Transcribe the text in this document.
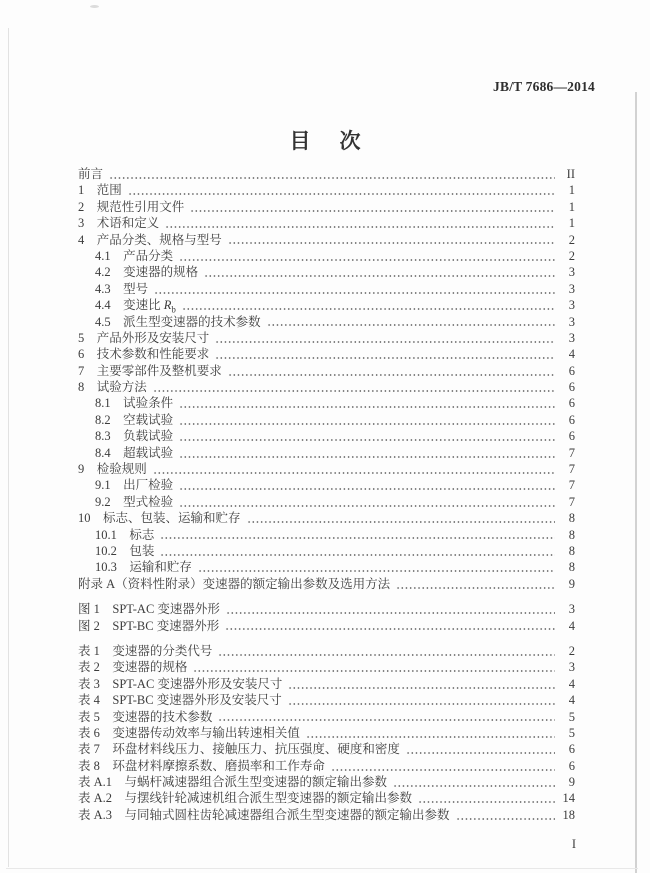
JB/T 7686—2014
目　次
前言	II
1　范围	1
2　规范性引用文件	1
3　术语和定义	1
4　产品分类、规格与型号	2
4.1　产品分类	2
4.2　变速器的规格	3
4.3　型号	3
4.4　变速比 $R_b$	3
4.5　派生型变速器的技术参数	3
5　产品外形及安装尺寸	3
6　技术参数和性能要求	4
7　主要零部件及整机要求	6
8　试验方法	6
8.1　试验条件	6
8.2　空载试验	6
8.3　负载试验	6
8.4　超载试验	7
9　检验规则	7
9.1　出厂检验	7
9.2　型式检验	7
10　标志、包装、运输和贮存	8
10.1　标志	8
10.2　包装	8
10.3　运输和贮存	8
附录 A（资料性附录）变速器的额定输出参数及选用方法	9
图 1　SPT-AC 变速器外形	3
图 2　SPT-BC 变速器外形	4
表 1　变速器的分类代号	2
表 2　变速器的规格	3
表 3　SPT-AC 变速器外形及安装尺寸	4
表 4　SPT-BC 变速器外形及安装尺寸	4
表 5　变速器的技术参数	5
表 6　变速器传动效率与输出转速相关值	5
表 7　环盘材料线压力、接触压力、抗压强度、硬度和密度	6
表 8　环盘材料摩擦系数、磨损率和工作寿命	6
表 A.1　与蜗杆减速器组合派生型变速器的额定输出参数	9
表 A.2　与摆线针轮减速机组合派生型变速器的额定输出参数	14
表 A.3　与同轴式圆柱齿轮减速器组合派生型变速器的额定输出参数	18
I
